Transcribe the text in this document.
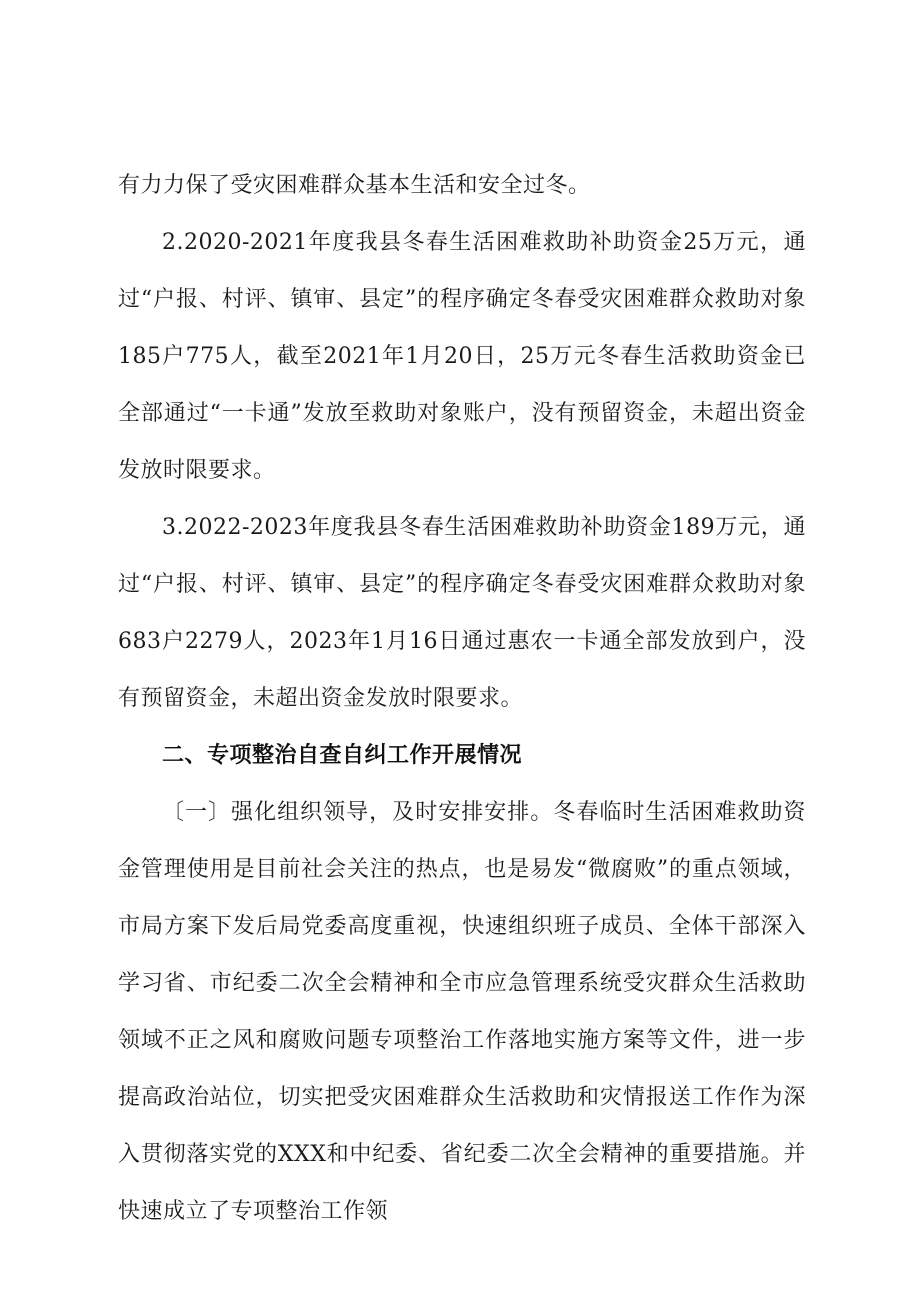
有力力保了受灾困难群众基本生活和安全过冬。

2.2020-2021年度我县冬春生活困难救助补助资金25万元，通过“户报、村评、镇审、县定”的程序确定冬春受灾困难群众救助对象185户775人，截至2021年1月20日，25万元冬春生活救助资金已全部通过“一卡通”发放至救助对象账户，没有预留资金，未超出资金发放时限要求。

3.2022-2023年度我县冬春生活困难救助补助资金189万元，通过“户报、村评、镇审、县定”的程序确定冬春受灾困难群众救助对象683户2279人，2023年1月16日通过惠农一卡通全部发放到户，没有预留资金，未超出资金发放时限要求。

二、专项整治自查自纠工作开展情况

〔一〕强化组织领导，及时安排安排。冬春临时生活困难救助资金管理使用是目前社会关注的热点，也是易发“微腐败”的重点领域，市局方案下发后局党委高度重视，快速组织班子成员、全体干部深入学习省、市纪委二次全会精神和全市应急管理系统受灾群众生活救助领域不正之风和腐败问题专项整治工作落地实施方案等文件，进一步提高政治站位，切实把受灾困难群众生活救助和灾情报送工作作为深入贯彻落实党的XXX和中纪委、省纪委二次全会精神的重要措施。并快速成立了专项整治工作领
